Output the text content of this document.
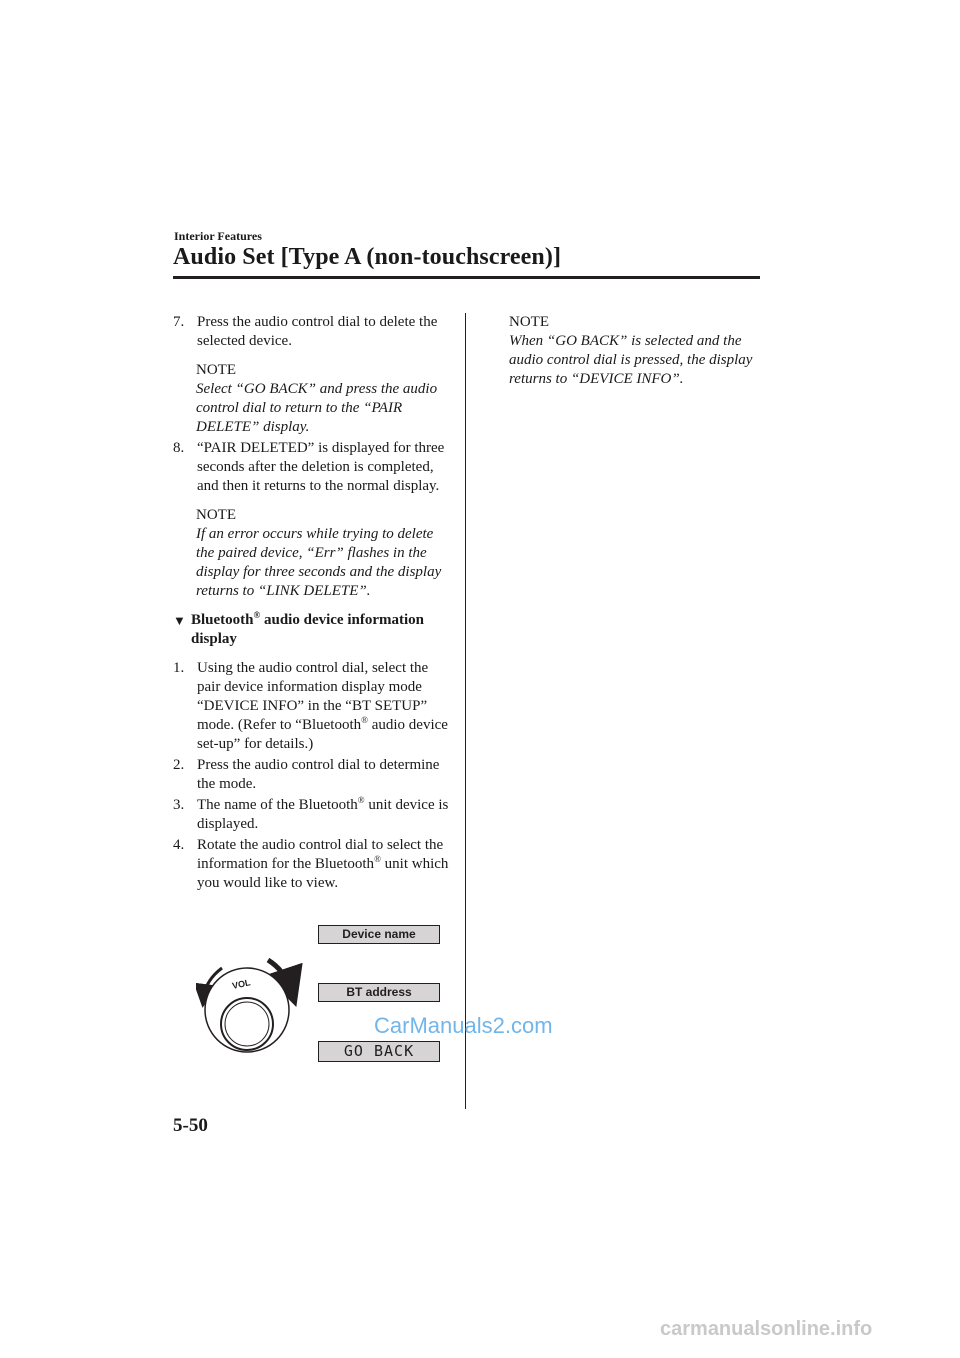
Interior Features
Audio Set [Type A (non-touchscreen)]
7. Press the audio control dial to delete the selected device.
NOTE
Select “GO BACK” and press the audio control dial to return to the “PAIR DELETE” display.
8. “PAIR DELETED” is displayed for three seconds after the deletion is completed, and then it returns to the normal display.
NOTE
If an error occurs while trying to delete the paired device, “Err” flashes in the display for three seconds and the display returns to “LINK DELETE”.
▼ Bluetooth® audio device information display
1. Using the audio control dial, select the pair device information display mode “DEVICE INFO” in the “BT SETUP” mode. (Refer to “Bluetooth® audio device set-up” for details.)
2. Press the audio control dial to determine the mode.
3. The name of the Bluetooth® unit device is displayed.
4. Rotate the audio control dial to select the information for the Bluetooth® unit which you would like to view.
VOL
Device name
BT address
GO BACK
NOTE
When “GO BACK” is selected and the audio control dial is pressed, the display returns to “DEVICE INFO”.
CarManuals2.com
5-50
carmanualsonline.info
